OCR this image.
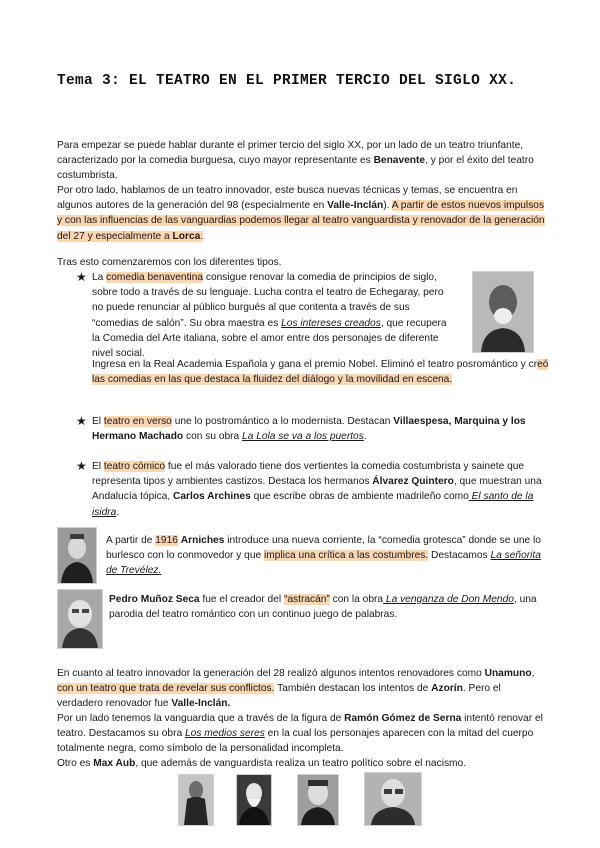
Tema 3: EL TEATRO EN EL PRIMER TERCIO DEL SIGLO XX.
Para empezar se puede hablar durante el primer tercio del siglo XX, por un lado de un teatro triunfante, caracterizado por la comedia burguesa, cuyo mayor representante es Benavente, y por el éxito del teatro costumbrista.
Por otro lado, hablamos de un teatro innovador, este busca nuevas técnicas y temas, se encuentra en algunos autores de la generación del 98 (especialmente en Valle-Inclán). A partir de estos nuevos impulsos y con las influencias de las vanguardias podemos llegar al teatro vanguardista y renovador de la generación del 27 y especialmente a Lorca.
Tras esto comenzaremos con los diferentes tipos.
★ La comedia benaventina consigue renovar la comedia de principios de siglo, sobre todo a través de su lenguaje. Lucha contra el teatro de Echegaray, pero no puede renunciar al público burgués al que contenta a través de sus “comedias de salón”. Su obra maestra es Los intereses creados, que recupera la Comedia del Arte italiana, sobre el amor entre dos personajes de diferente nivel social.
Ingresa en la Real Academia Española y gana el premio Nobel. Eliminó el teatro posromántico y creó las comedias en las que destaca la fluidez del diálogo y la movilidad en escena.
★ El teatro en verso une lo postromántico a lo modernista. Destacan Villaespesa, Marquina y los Hermano Machado con su obra La Lola se va a los puertos.
★ El teatro cómico fue el más valorado tiene dos vertientes la comedia costumbrista y sainete que representa tipos y ambientes castizos. Destaca los hermanos Álvarez Quintero, que muestran una Andalucía tópica, Carlos Archines que escribe obras de ambiente madrileño como El santo de la isidra.
A partir de 1916 Arniches introduce una nueva corriente, la “comedia grotesca” donde se une lo burlesco con lo conmovedor y que implica una crítica a las costumbres. Destacamos La señorita de Trevélez.
Pedro Muñoz Seca fue el creador del “astracán” con la obra La venganza de Don Mendo, una parodia del teatro romántico con un continuo juego de palabras.
En cuanto al teatro innovador la generación del 28 realizó algunos intentos renovadores como Unamuno, con un teatro que trata de revelar sus conflictos. También destacan los intentos de Azorín. Pero el verdadero renovador fue Valle-Inclán.
Por un lado tenemos la vanguardia que a través de la figura de Ramón Gómez de Serna intentó renovar el teatro. Destacamos su obra Los medios seres en la cual los personajes aparecen con la mitad del cuerpo totalmente negra, como símbolo de la personalidad incompleta.
Otro es Max Aub, que además de vanguardista realiza un teatro político sobre el nacismo.
